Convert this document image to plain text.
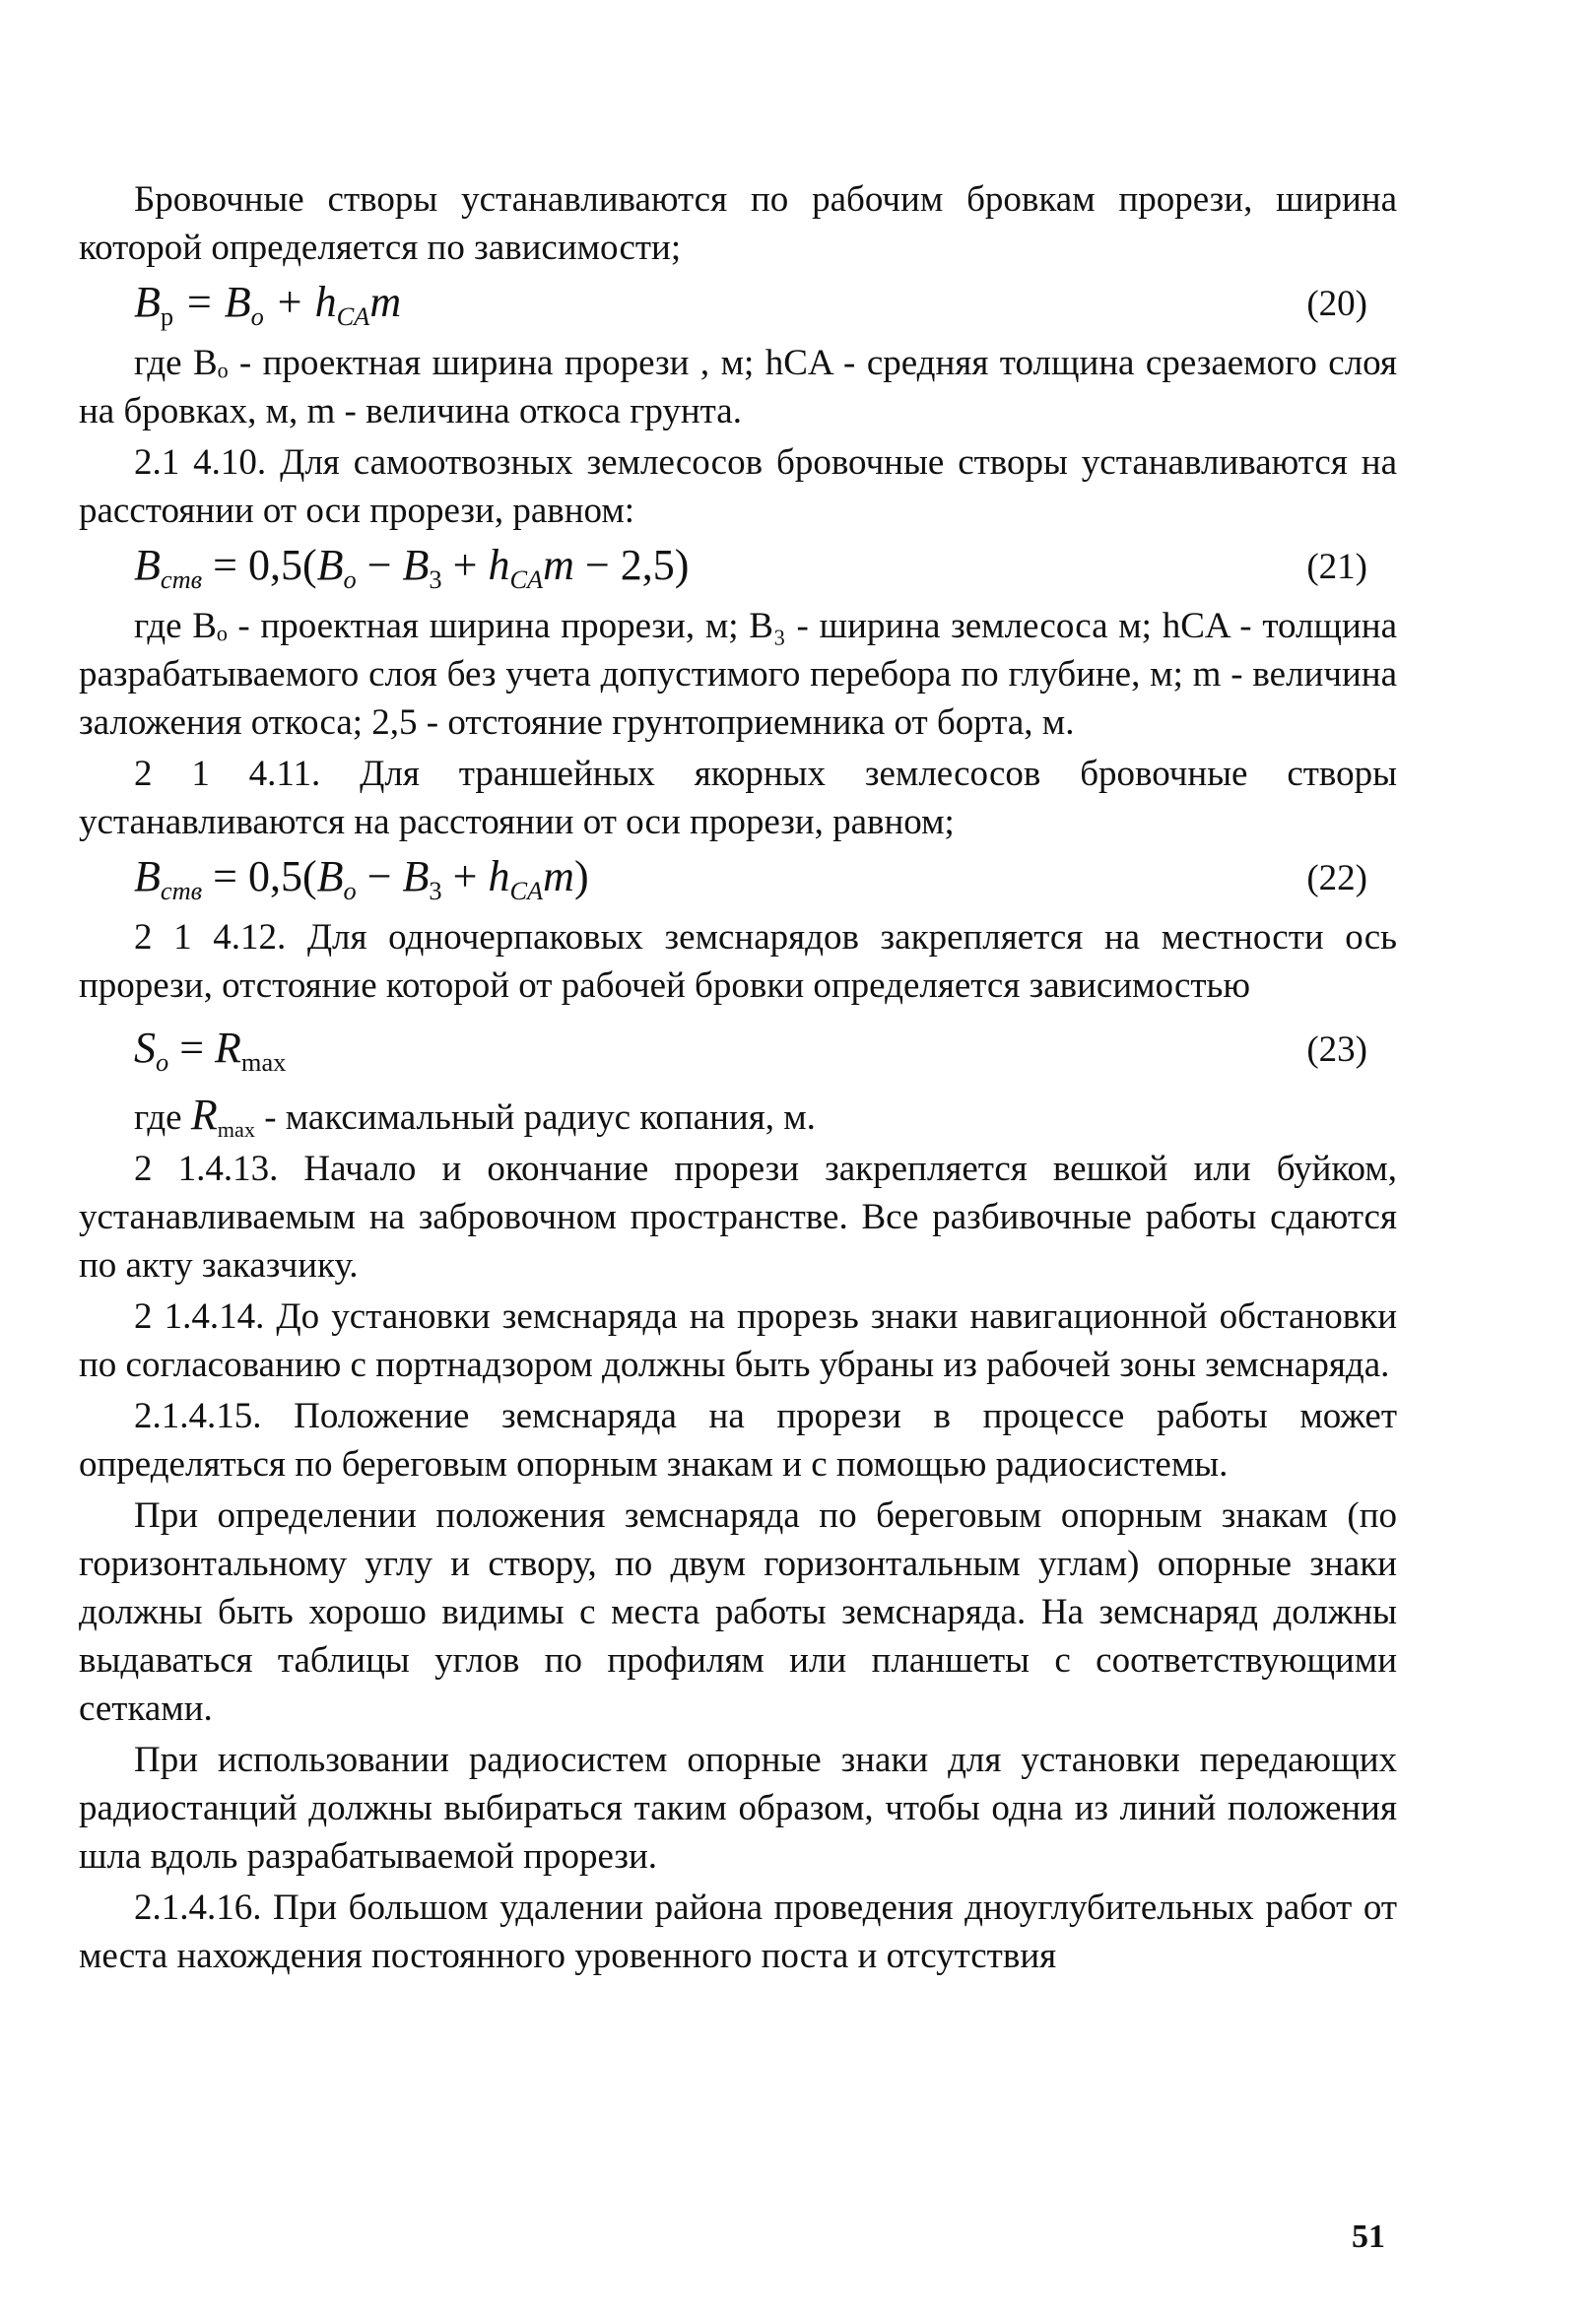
Бровочные створы устанавливаются по рабочим бровкам прорези, ширина которой определяется по зависимости;

$B_р = B_o + h_{CA}m$	(20)

где Bₒ - проектная ширина прорези , м; hCA - средняя толщина срезаемого слоя на бровках, м, m - величина откоса грунта.

2.1 4.10. Для самоотвозных землесосов бровочные створы устанавливаются на расстоянии от оси прорези, равном:

$B_{ств} = 0,5(B_o - B_3 + h_{CA}m - 2,5)$	(21)

где Bₒ - проектная ширина прорези, м; B₃ - ширина землесоса м; hCA - толщина разрабатываемого слоя без учета допустимого перебора по глубине, м; m - величина заложения откоса; 2,5 - отстояние грунтоприемника от борта, м.

2 1 4.11. Для траншейных якорных землесосов бровочные створы устанавливаются на расстоянии от оси прорези, равном;

$B_{ств} = 0,5(B_o - B_3 + h_{CA}m)$	(22)

2 1 4.12. Для одночерпаковых земснарядов закрепляется на местности ось прорези, отстояние которой от рабочей бровки определяется зависимостью

$S_o = R_{max}$	(23)

где $R_{max}$ - максимальный радиус копания, м.

2 1.4.13. Начало и окончание прорези закрепляется вешкой или буйком, устанавливаемым на забровочном пространстве. Все разбивочные работы сдаются по акту заказчику.

2 1.4.14. До установки земснаряда на прорезь знаки навигационной обстановки по согласованию с портнадзором должны быть убраны из рабочей зоны земснаряда.

2.1.4.15. Положение земснаряда на прорези в процессе работы может определяться по береговым опорным знакам и с помощью радиосистемы.

При определении положения земснаряда по береговым опорным знакам (по горизонтальному углу и створу, по двум горизонтальным углам) опорные знаки должны быть хорошо видимы с места работы земснаряда. На земснаряд должны выдаваться таблицы углов по профилям или планшеты с соответствующими сетками.

При использовании радиосистем опорные знаки для установки передающих радиостанций должны выбираться таким образом, чтобы одна из линий положения шла вдоль разрабатываемой прорези.

2.1.4.16. При большом удалении района проведения дноуглубительных работ от места нахождения постоянного уровенного поста и отсутствия

51
